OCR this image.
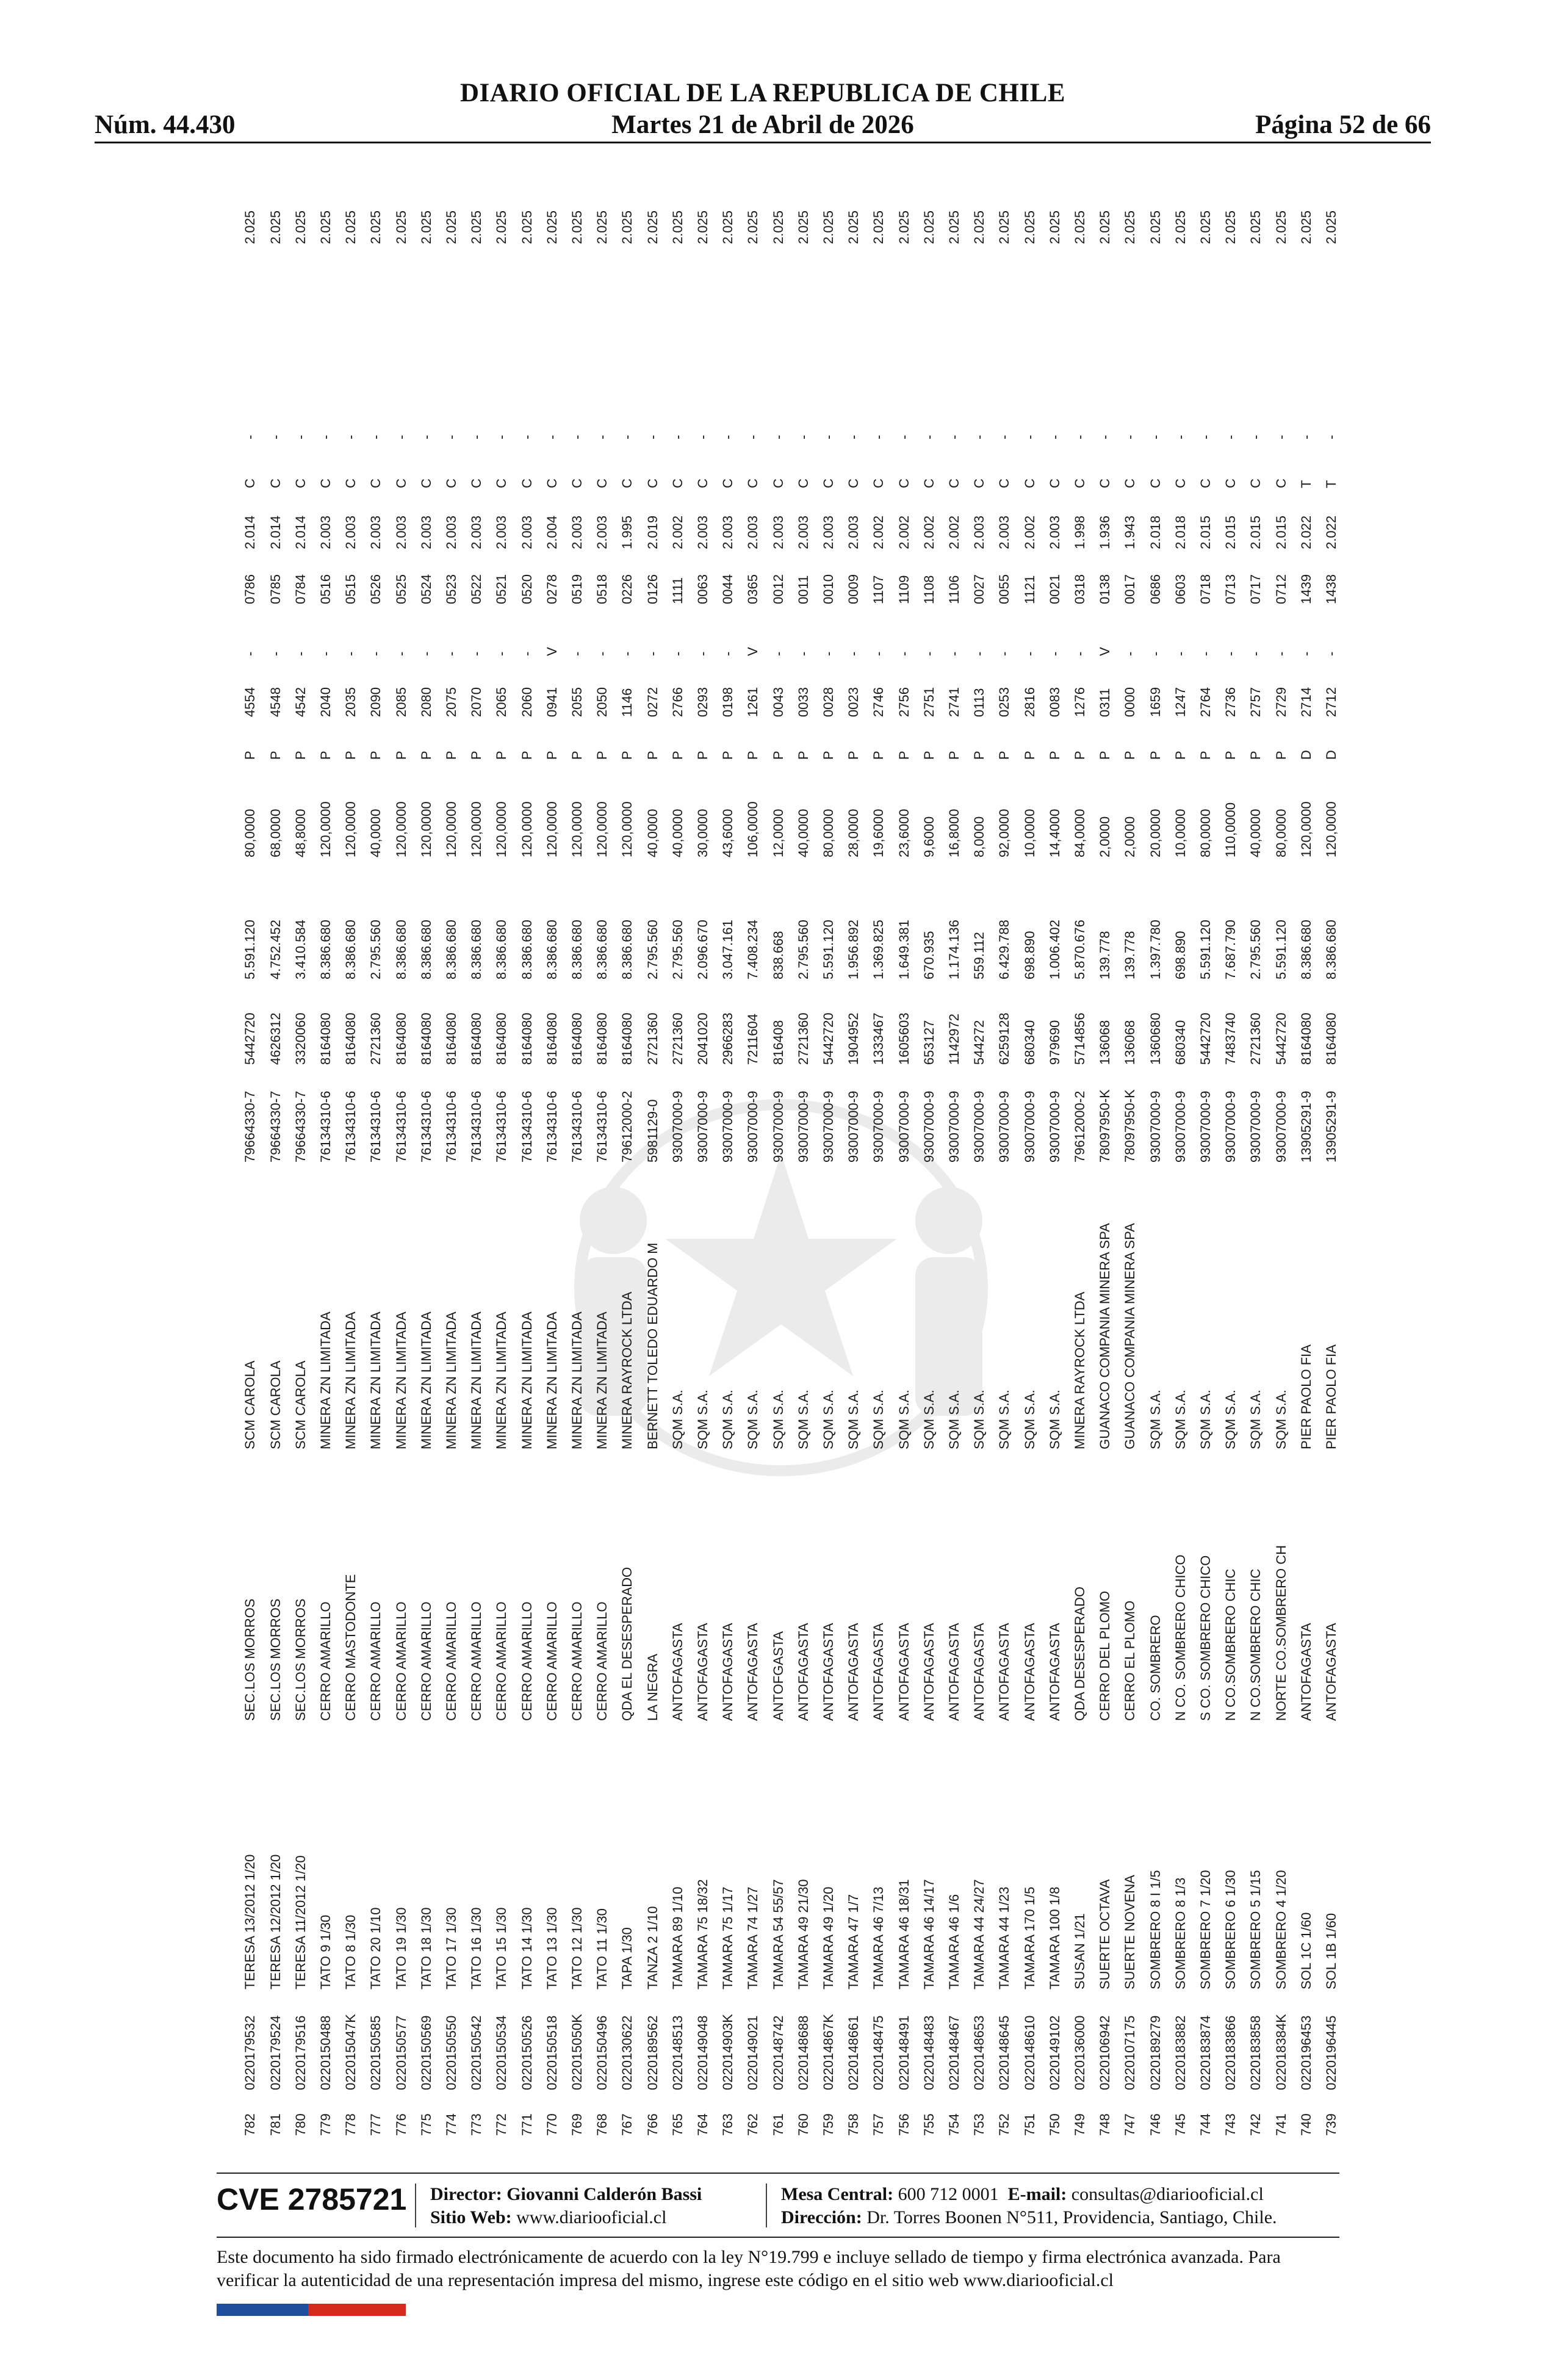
DIARIO OFICIAL DE LA REPUBLICA DE CHILE
Núm. 44.430	Martes 21 de Abril de 2026	Página 52 de 66
739
0220196445
SOL 1B 1/60
ANTOFAGASTA
PIER PAOLO FIA
13905291-9
8164080
8.386.680
120,0000
D
2712
-
1438
2.022
T
-
2.025
740
0220196453
SOL 1C 1/60
ANTOFAGASTA
PIER PAOLO FIA
13905291-9
8164080
8.386.680
120,0000
D
2714
-
1439
2.022
T
-
2.025
741
022018384K
SOMBRERO 4 1/20
NORTE CO.SOMBRERO CH
SQM S.A.
93007000-9
5442720
5.591.120
80,0000
P
2729
-
0712
2.015
C
-
2.025
742
0220183858
SOMBRERO 5 1/15
N CO.SOMBRERO CHIC
SQM S.A.
93007000-9
2721360
2.795.560
40,0000
P
2757
-
0717
2.015
C
-
2.025
743
0220183866
SOMBRERO 6 1/30
N CO.SOMBRERO CHIC
SQM S.A.
93007000-9
7483740
7.687.790
110,0000
P
2736
-
0713
2.015
C
-
2.025
744
0220183874
SOMBRERO 7 1/20
S CO. SOMBRERO CHICO
SQM S.A.
93007000-9
5442720
5.591.120
80,0000
P
2764
-
0718
2.015
C
-
2.025
745
0220183882
SOMBRERO 8 1/3
N CO. SOMBRERO CHICO
SQM S.A.
93007000-9
680340
698.890
10,0000
P
1247
-
0603
2.018
C
-
2.025
746
0220189279
SOMBRERO 8 I 1/5
CO. SOMBRERO
SQM S.A.
93007000-9
1360680
1.397.780
20,0000
P
1659
-
0686
2.018
C
-
2.025
747
0220107175
SUERTE NOVENA
CERRO EL PLOMO
GUANACO COMPANIA MINERA SPA
78097950-K
136068
139.778
2,0000
P
0000
-
0017
1.943
C
-
2.025
748
0220106942
SUERTE OCTAVA
CERRO DEL PLOMO
GUANACO COMPANIA MINERA SPA
78097950-K
136068
139.778
2,0000
P
0311
V
0138
1.936
C
-
2.025
749
0220136000
SUSAN 1/21
QDA DESESPERADO
MINERA RAYROCK LTDA
79612000-2
5714856
5.870.676
84,0000
P
1276
-
0318
1.998
C
-
2.025
750
0220149102
TAMARA 100 1/8
ANTOFAGASTA
SQM S.A.
93007000-9
979690
1.006.402
14,4000
P
0083
-
0021
2.003
C
-
2.025
751
0220148610
TAMARA 170 1/5
ANTOFAGASTA
SQM S.A.
93007000-9
680340
698.890
10,0000
P
2816
-
1121
2.002
C
-
2.025
752
0220148645
TAMARA 44 1/23
ANTOFAGASTA
SQM S.A.
93007000-9
6259128
6.429.788
92,0000
P
0253
-
0055
2.003
C
-
2.025
753
0220148653
TAMARA 44 24/27
ANTOFAGASTA
SQM S.A.
93007000-9
544272
559.112
8,0000
P
0113
-
0027
2.003
C
-
2.025
754
0220148467
TAMARA 46 1/6
ANTOFAGASTA
SQM S.A.
93007000-9
1142972
1.174.136
16,8000
P
2741
-
1106
2.002
C
-
2.025
755
0220148483
TAMARA 46 14/17
ANTOFAGASTA
SQM S.A.
93007000-9
653127
670.935
9,6000
P
2751
-
1108
2.002
C
-
2.025
756
0220148491
TAMARA 46 18/31
ANTOFAGASTA
SQM S.A.
93007000-9
1605603
1.649.381
23,6000
P
2756
-
1109
2.002
C
-
2.025
757
0220148475
TAMARA 46 7/13
ANTOFAGASTA
SQM S.A.
93007000-9
1333467
1.369.825
19,6000
P
2746
-
1107
2.002
C
-
2.025
758
0220148661
TAMARA 47 1/7
ANTOFAGASTA
SQM S.A.
93007000-9
1904952
1.956.892
28,0000
P
0023
-
0009
2.003
C
-
2.025
759
022014867K
TAMARA 49 1/20
ANTOFAGASTA
SQM S.A.
93007000-9
5442720
5.591.120
80,0000
P
0028
-
0010
2.003
C
-
2.025
760
0220148688
TAMARA 49 21/30
ANTOFAGASTA
SQM S.A.
93007000-9
2721360
2.795.560
40,0000
P
0033
-
0011
2.003
C
-
2.025
761
0220148742
TAMARA 54 55/57
ANTOFGASTA
SQM S.A.
93007000-9
816408
838.668
12,0000
P
0043
-
0012
2.003
C
-
2.025
762
0220149021
TAMARA 74 1/27
ANTOFAGASTA
SQM S.A.
93007000-9
7211604
7.408.234
106,0000
P
1261
V
0365
2.003
C
-
2.025
763
022014903K
TAMARA 75 1/17
ANTOFAGASTA
SQM S.A.
93007000-9
2966283
3.047.161
43,6000
P
0198
-
0044
2.003
C
-
2.025
764
0220149048
TAMARA 75 18/32
ANTOFAGASTA
SQM S.A.
93007000-9
2041020
2.096.670
30,0000
P
0293
-
0063
2.003
C
-
2.025
765
0220148513
TAMARA 89 1/10
ANTOFAGASTA
SQM S.A.
93007000-9
2721360
2.795.560
40,0000
P
2766
-
1111
2.002
C
-
2.025
766
0220189562
TANZA 2 1/10
LA NEGRA
BERNETT TOLEDO EDUARDO M
5981129-0
2721360
2.795.560
40,0000
P
0272
-
0126
2.019
C
-
2.025
767
0220130622
TAPA 1/30
QDA EL DESESPERADO
MINERA RAYROCK LTDA
79612000-2
8164080
8.386.680
120,0000
P
1146
-
0226
1.995
C
-
2.025
768
0220150496
TATO 11 1/30
CERRO AMARILLO
MINERA ZN LIMITADA
76134310-6
8164080
8.386.680
120,0000
P
2050
-
0518
2.003
C
-
2.025
769
022015050K
TATO 12 1/30
CERRO AMARILLO
MINERA ZN LIMITADA
76134310-6
8164080
8.386.680
120,0000
P
2055
-
0519
2.003
C
-
2.025
770
0220150518
TATO 13 1/30
CERRO AMARILLO
MINERA ZN LIMITADA
76134310-6
8164080
8.386.680
120,0000
P
0941
V
0278
2.004
C
-
2.025
771
0220150526
TATO 14 1/30
CERRO AMARILLO
MINERA ZN LIMITADA
76134310-6
8164080
8.386.680
120,0000
P
2060
-
0520
2.003
C
-
2.025
772
0220150534
TATO 15 1/30
CERRO AMARILLO
MINERA ZN LIMITADA
76134310-6
8164080
8.386.680
120,0000
P
2065
-
0521
2.003
C
-
2.025
773
0220150542
TATO 16 1/30
CERRO AMARILLO
MINERA ZN LIMITADA
76134310-6
8164080
8.386.680
120,0000
P
2070
-
0522
2.003
C
-
2.025
774
0220150550
TATO 17 1/30
CERRO AMARILLO
MINERA ZN LIMITADA
76134310-6
8164080
8.386.680
120,0000
P
2075
-
0523
2.003
C
-
2.025
775
0220150569
TATO 18 1/30
CERRO AMARILLO
MINERA ZN LIMITADA
76134310-6
8164080
8.386.680
120,0000
P
2080
-
0524
2.003
C
-
2.025
776
0220150577
TATO 19 1/30
CERRO AMARILLO
MINERA ZN LIMITADA
76134310-6
8164080
8.386.680
120,0000
P
2085
-
0525
2.003
C
-
2.025
777
0220150585
TATO 20 1/10
CERRO AMARILLO
MINERA ZN LIMITADA
76134310-6
2721360
2.795.560
40,0000
P
2090
-
0526
2.003
C
-
2.025
778
022015047K
TATO 8 1/30
CERRO MASTODONTE
MINERA ZN LIMITADA
76134310-6
8164080
8.386.680
120,0000
P
2035
-
0515
2.003
C
-
2.025
779
0220150488
TATO 9 1/30
CERRO AMARILLO
MINERA ZN LIMITADA
76134310-6
8164080
8.386.680
120,0000
P
2040
-
0516
2.003
C
-
2.025
780
0220179516
TERESA 11/2012 1/20
SEC.LOS MORROS
SCM CAROLA
79664330-7
3320060
3.410.584
48,8000
P
4542
-
0784
2.014
C
-
2.025
781
0220179524
TERESA 12/2012 1/20
SEC.LOS MORROS
SCM CAROLA
79664330-7
4626312
4.752.452
68,0000
P
4548
-
0785
2.014
C
-
2.025
782
0220179532
TERESA 13/2012 1/20
SEC.LOS MORROS
SCM CAROLA
79664330-7
5442720
5.591.120
80,0000
P
4554
-
0786
2.014
C
-
2.025
CVE 2785721 Director: Giovanni Calderón Bassi
Sitio Web: www.diariooficial.cl
Mesa Central: 600 712 0001 E-mail: consultas@diariooficial.cl
Dirección: Dr. Torres Boonen N°511, Providencia, Santiago, Chile.
Este documento ha sido firmado electrónicamente de acuerdo con la ley N°19.799 e incluye sellado de tiempo y firma electrónica avanzada. Para verificar la autenticidad de una representación impresa del mismo, ingrese este código en el sitio web www.diariooficial.cl
